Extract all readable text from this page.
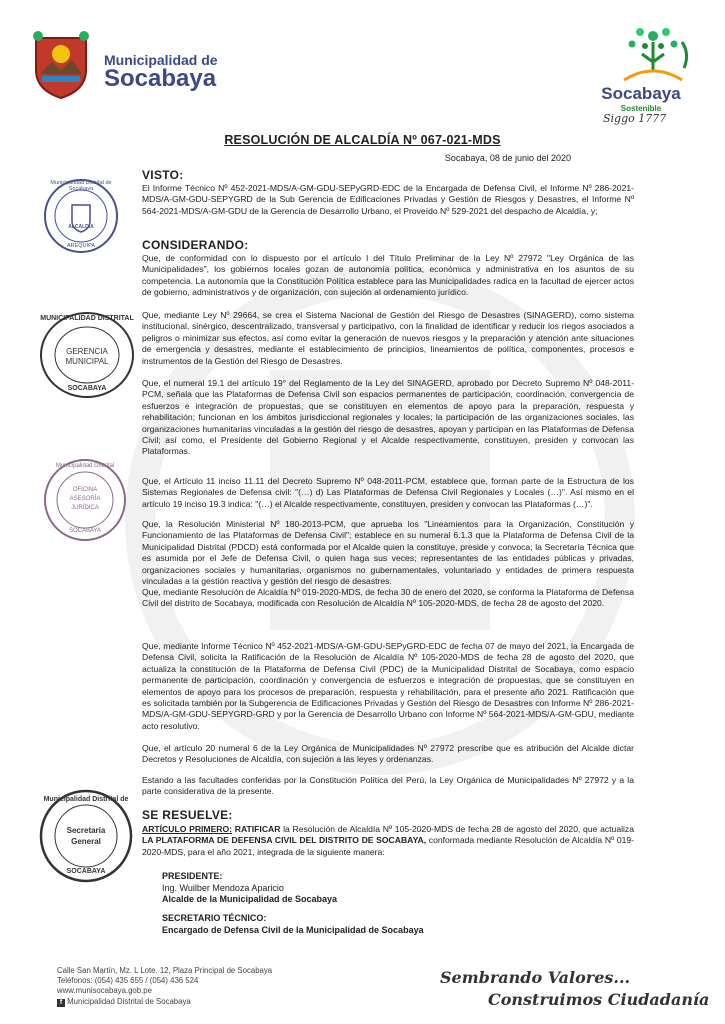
Municipalidad de
Socabaya
Socabaya
Sostenible
Siggo 1777
RESOLUCIÓN DE ALCALDÍA Nº 067-021-MDS
Socabaya, 08 de junio del 2020
VISTO:
El Informe Técnico Nº 452-2021-MDS/A-GM-GDU-SEPyGRD-EDC de la Encargada de Defensa Civil, el Informe Nº 286-2021-MDS/A-GM-GDU-SEPYGRD de la Sub Gerencia de Edificaciones Privadas y Gestión de Riesgos y Desastres, el Informe Nº 564-2021-MDS/A-GM-GDU de la Gerencia de Desarrollo Urbano, el Proveído Nº 529-2021 del despacho de Alcaldía, y;
CONSIDERANDO:
Que, de conformidad con lo dispuesto por el artículo I del Título Preliminar de la Ley Nº 27972 "Ley Orgánica de las Municipalidades", los gobiernos locales gozan de autonomía política, económica y administrativa en los asuntos de su competencia. La autonomía que la Constitución Política establece para las Municipalidades radica en la facultad de ejercer actos de gobierno, administrativos y de organización, con sujeción al ordenamiento jurídico.
Que, mediante Ley Nº 29664, se crea el Sistema Nacional de Gestión del Riesgo de Desastres (SINAGERD), como sistema institucional, sinérgico, descentralizado, transversal y participativo, con la finalidad de identificar y reducir los riegos asociados a peligros o minimizar sus efectos, así como evitar la generación de nuevos riesgos y la preparación y atención ante situaciones de emergencia y desastres, mediante el establecimiento de principios, lineamientos de política, componentes, procesos e instrumentos de la Gestión del Riesgo de Desastres.
Que, el numeral 19.1 del artículo 19° del Reglamento de la Ley del SINAGERD, aprobado por Decreto Supremo Nº 048-2011-PCM, señala que las Plataformas de Defensa Civil son espacios permanentes de participación, coordinación, convergencia de esfuerzos e integración de propuestas, que se constituyen en elementos de apoyo para la preparación, respuesta y rehabilitación; funcionan en los ámbitos jurisdiccional regionales y locales; la participación de las organizaciones sociales, las organizaciones humanitarias vinculadas a la gestión del riesgo de desastres, apoyan y participan en las Plataformas de Defensa Civil; así como, el Presidente del Gobierno Regional y el Alcalde respectivamente, constituyen, presiden y convocan las Plataformas.
Que, el Artículo 11 inciso 11.11 del Decreto Supremo Nº 048-2011-PCM, establece que, forman parte de la Estructura de los Sistemas Regionales de Defensa civil: "(…) d) Las Plataformas de Defensa Civil Regionales y Locales (…)". Así mismo en el artículo 19 inciso 19.3 indica: "(…) el Alcalde respectivamente, constituyen, presiden y convocan las Plataformas (…)".
Que, la Resolución Ministerial Nº 180-2013-PCM, que aprueba los "Lineamientos para la Organización, Constitución y Funcionamiento de las Plataformas de Defensa Civil"; establece en su numeral 6.1.3 que la Plataforma de Defensa Civil de la Municipalidad Distrital (PDCD) está conformada por el Alcalde quien la constituye, preside y convoca; la Secretaría Técnica que es asumida por el Jefe de Defensa Civil, o quien haga sus veces; representantes de las entidades públicas y privadas, organizaciones sociales y humanitarias, organismos no gubernamentales, voluntariado y entidades de primera respuesta vinculadas a la gestión reactiva y gestión del riesgo de desastres.
Que, mediante Resolución de Alcaldía Nº 019-2020-MDS, de fecha 30 de enero del 2020, se conforma la Plataforma de Defensa Civil del distrito de Socabaya, modificada con Resolución de Alcaldía Nº 105-2020-MDS, de fecha 28 de agosto del 2020.
Que, mediante Informe Técnico Nº 452-2021-MDS/A-GM-GDU-SEPyGRD-EDC de fecha 07 de mayo del 2021, la Encargada de Defensa Civil, solicita la Ratificación de la Resolución de Alcaldía Nº 105-2020-MDS de fecha 28 de agosto del 2020, que actualiza la constitución de la Plataforma de Defensa Civil (PDC) de la Municipalidad Distrital de Socabaya, como espacio permanente de participación, coordinación y convergencia de esfuerzos e integración de propuestas, que se constituyen en elementos de apoyo para los procesos de preparación, respuesta y rehabilitación, para el presente año 2021. Ratificación que es solicitada también por la Subgerencia de Edificaciones Privadas y Gestión del Riesgo de Desastres con Informe Nº 286-2021-MDS/A-GM-GDU-SEPYGRD-GRD y por la Gerencia de Desarrollo Urbano con Informe Nº 564-2021-MDS/A-GM-GDU, mediante acto resolutivo.
Que, el artículo 20 numeral 6 de la Ley Orgánica de Municipalidades Nº 27972 prescribe que es atribución del Alcalde dictar Decretos y Resoluciones de Alcaldía, con sujeción a las leyes y ordenanzas.
Estando a las facultades conferidas por la Constitución Política del Perú, la Ley Orgánica de Municipalidades Nº 27972 y a la parte considerativa de la presente.
SE RESUELVE:
ARTÍCULO PRIMERO: RATIFICAR la Resolución de Alcaldía Nº 105-2020-MDS de fecha 28 de agosto del 2020, que actualiza LA PLATAFORMA DE DEFENSA CIVIL DEL DISTRITO DE SOCABAYA, conformada mediante Resolución de Alcaldía Nº 019-2020-MDS, para el año 2021, integrada de la siguiente manera:
PRESIDENTE:
Ing. Wuilber Mendoza Aparicio
Alcalde de la Municipalidad de Socabaya
SECRETARIO TÉCNICO:
Encargado de Defensa Civil de la Municipalidad de Socabaya
Municipalidad Distrital de Socabaya
ALCALDÍA
AREQUIPA
MUNICIPALIDAD DISTRITAL
GERENCIA
MUNICIPAL
SOCABAYA
Municipalidad Distrital
OFICINA
ASESORÍA
JURÍDICA
SOCABAYA
Municipalidad Distrital de
Secretaría
General
SOCABAYA
Calle San Martín, Mz. L Lote. 12, Plaza Principal de Socabaya
Teléfonos: (054) 435 655 / (054) 436 524
www.munisocabaya.gob.pe
f Municipalidad Distrital de Socabaya
Sembrando Valores...
Construimos Ciudadanía
